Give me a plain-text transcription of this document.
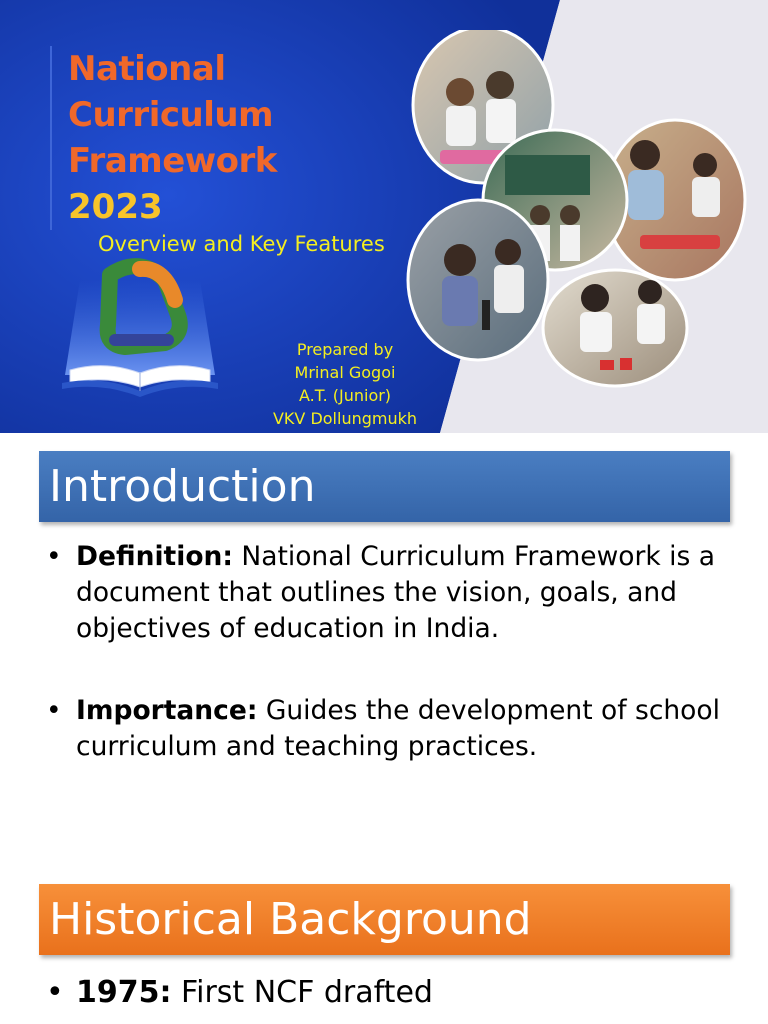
National
Curriculum
Framework
2023
Overview and Key Features
Prepared by
Mrinal Gogoi
A.T. (Junior)
VKV Dollungmukh
Introduction
• Definition: National Curriculum Framework is a document that outlines the vision, goals, and objectives of education in India.
• Importance: Guides the development of school curriculum and teaching practices.
Historical Background
• 1975: First NCF drafted
